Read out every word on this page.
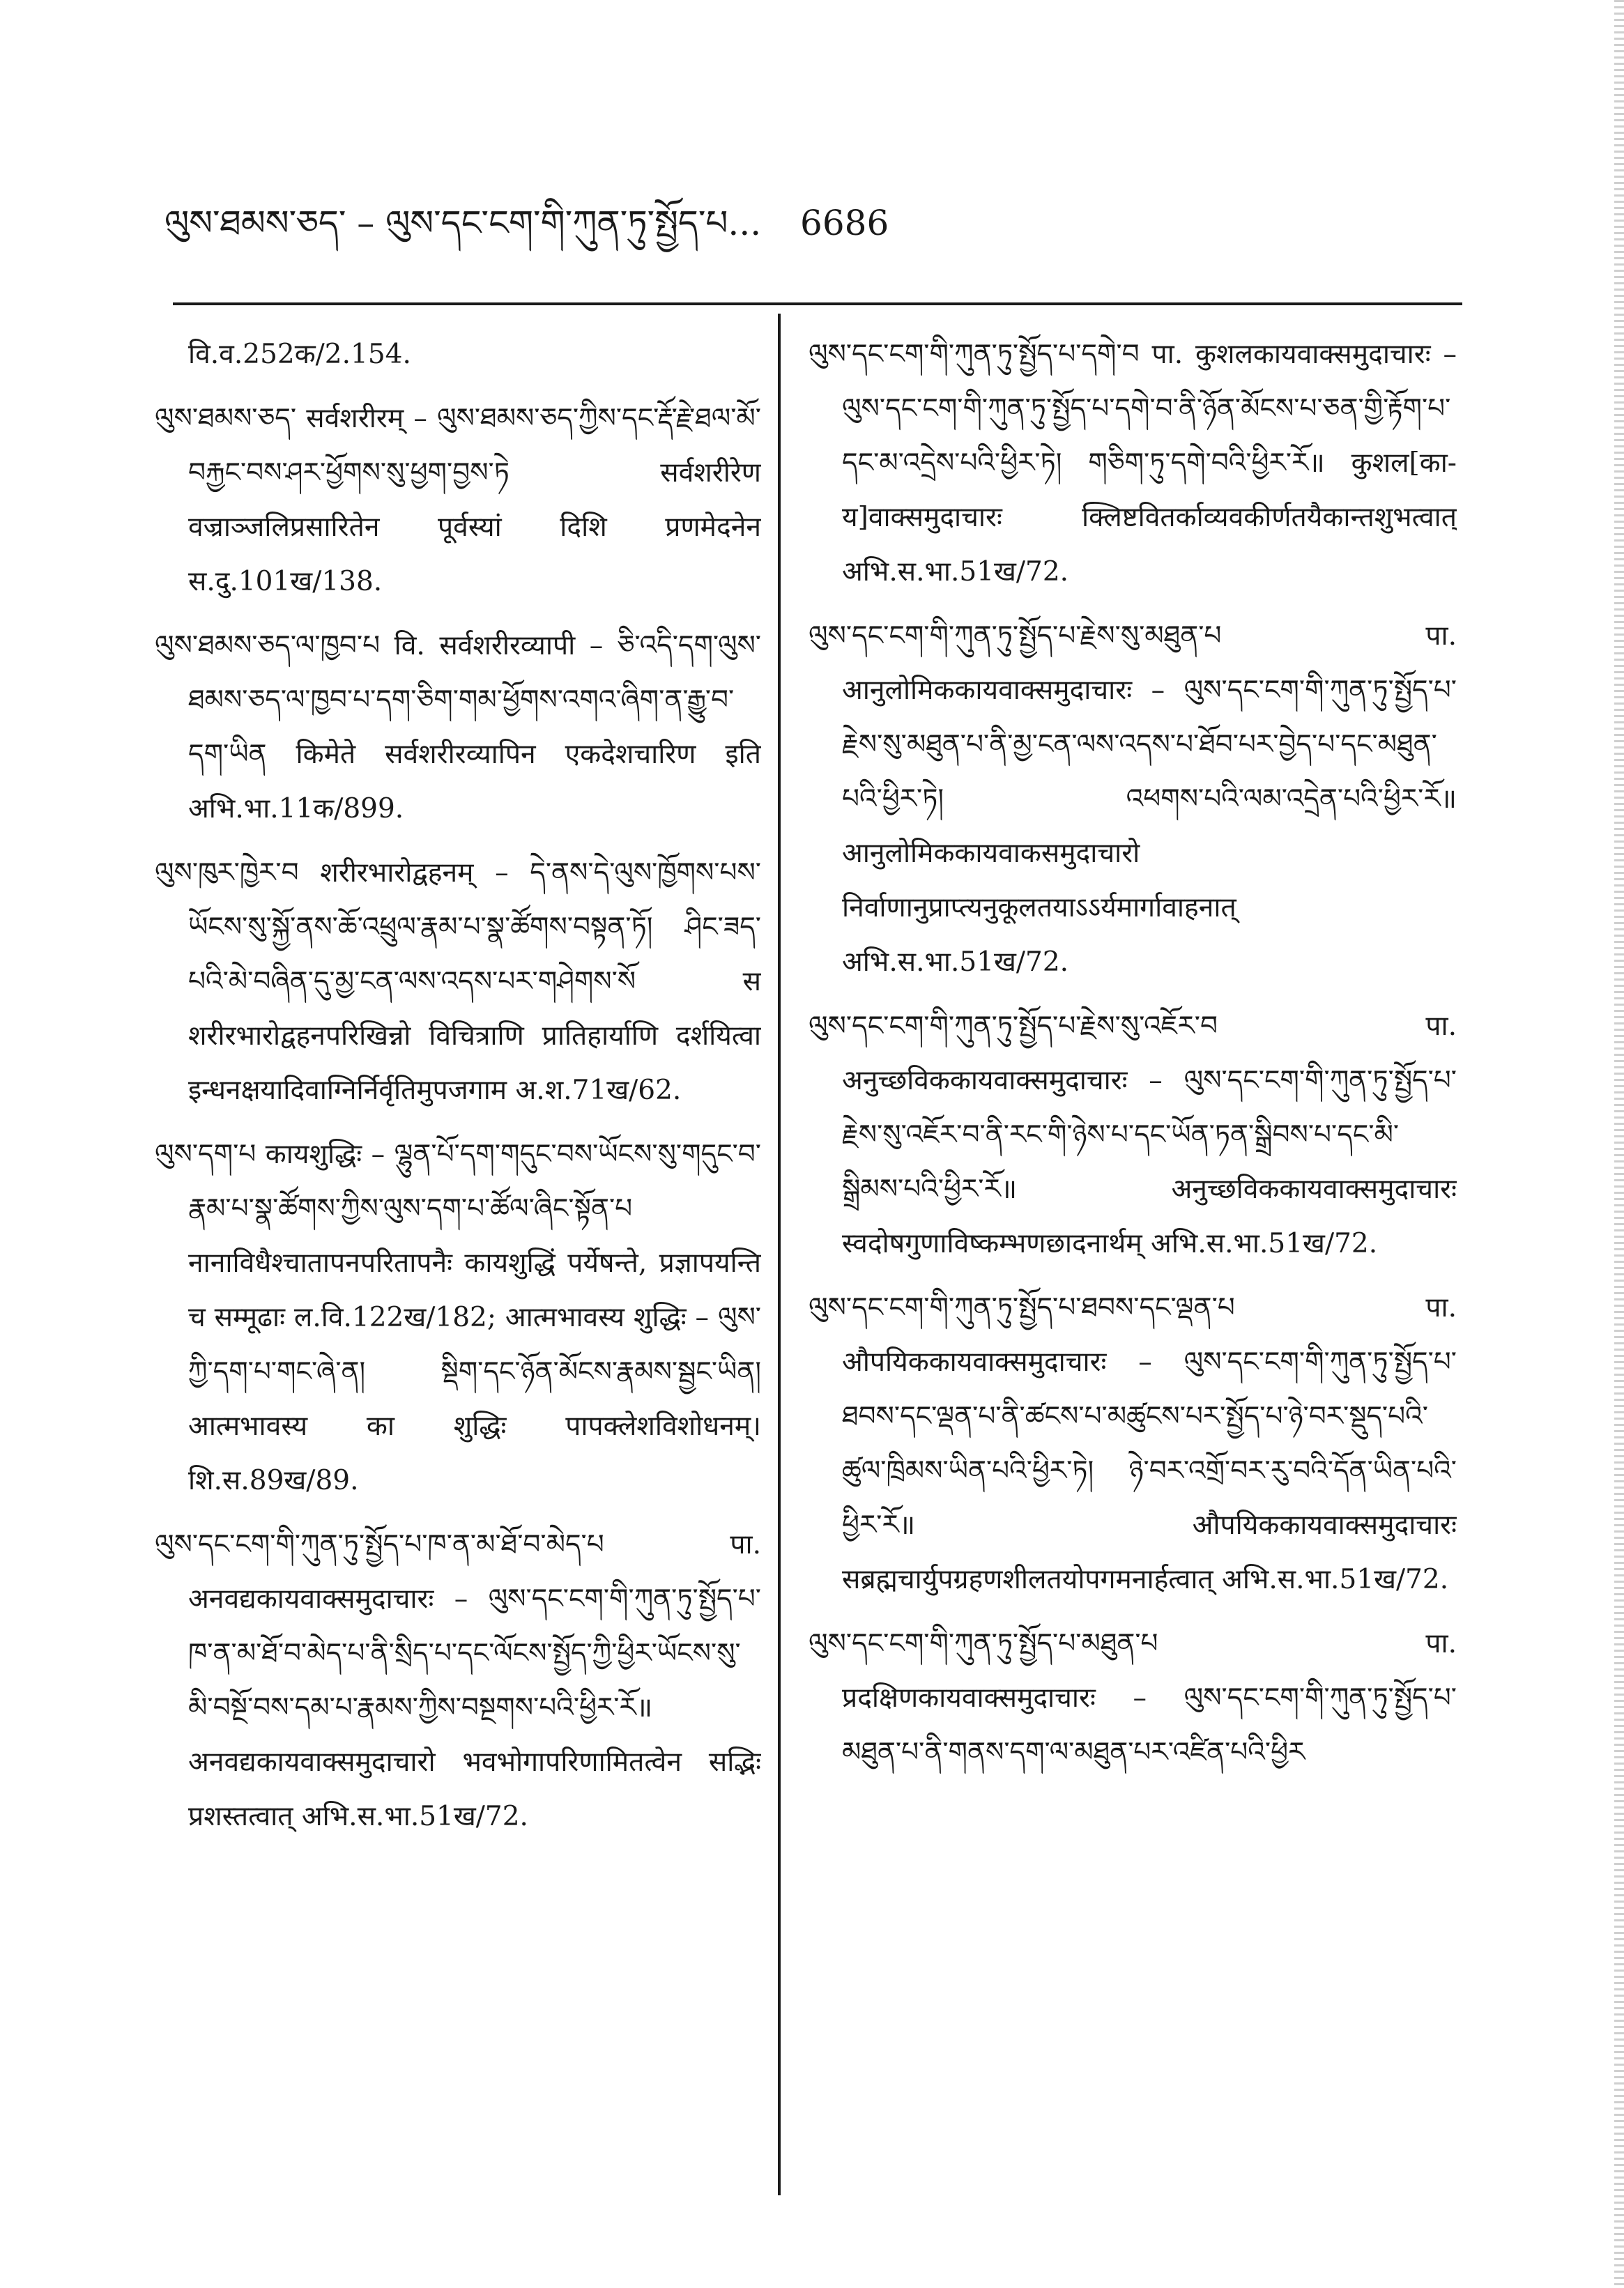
ལུས་ཐམས་ཅད་ – ལུས་དང་ངག་གི་ཀུན་ཏུ་སྤྱོད་པ... 6686

वि.व.252क/2.154.

ལུས་ཐམས་ཅད་ सर्वशरीरम् – ལུས་ཐམས་ཅད་ཀྱིས་དང་རྡོ་རྗེ་ཐལ་མོ་བརྐྱང་བས་ཤར་ཕྱོགས་སུ་ཕྱག་བྱས་ཏེ सर्वशरीरेण वज्राञ्जलिप्रसारितेन पूर्वस्यां दिशि प्रणमेदनेन स.दु.101ख/138.

ལུས་ཐམས་ཅད་ལ་ཁྱབ་པ वि. सर्वशरीरव्यापी – ཅི་འདི་དག་ལུས་ཐམས་ཅད་ལ་ཁྱབ་པ་དག་ཅིག་གམ་ཕྱོགས་འགའ་ཞིག་ན་རྒྱུ་བ་དག་ཡིན किमेते सर्वशरीरव्यापिन एकदेशचारिण इति अभि.भा.11क/899.

ལུས་ཁུར་ཁྱེར་བ शरीरभारोद्वहनम् – དེ་ནས་དེ་ལུས་ཁྱོགས་པས་ཡོངས་སུ་སྐྱོ་ནས་ཆོ་འཕྲུལ་རྣམ་པ་སྣ་ཚོགས་བསྟན་ཏོ། ཤིང་ཟད་པའི་མེ་བཞིན་དུ་མྱ་ངན་ལས་འདས་པར་གཤེགས་སོ स शरीरभारोद्वहनपरिखिन्नो विचित्राणि प्रातिहार्याणि दर्शयित्वा इन्धनक्षयादिवाग्निर्निर्वृतिमुपजगाम अ.श.71ख/62.

ལུས་དག་པ कायशुद्धिः – ལྷུན་པོ་དག་གདུང་བས་ཡོངས་སུ་གདུང་བ་རྣམ་པ་སྣ་ཚོགས་ཀྱིས་ལུས་དག་པ་ཚོལ་ཞིང་སྟོན་པ नानाविधैश्चातापनपरितापनैः कायशुद्धिं पर्येषन्ते, प्रज्ञापयन्ति च सम्मूढाः ल.वि.122ख/182; आत्मभावस्य शुद्धिः – ལུས་ཀྱི་དག་པ་གང་ཞེ་ན། སྡིག་དང་ཉོན་མོངས་རྣམས་སྦྱང་ཡིན། आत्मभावस्य का शुद्धिः पापक्लेशविशोधनम्। शि.स.89ख/89.

ལུས་དང་ངག་གི་ཀུན་ཏུ་སྤྱོད་པ་ཁ་ན་མ་ཐོ་བ་མེད་པ पा. अनवद्यकायवाक्समुदाचारः – ལུས་དང་ངག་གི་ཀུན་ཏུ་སྤྱོད་པ་ཁ་ན་མ་ཐོ་བ་མེད་པ་ནི་སྲིད་པ་དང་ལོངས་སྤྱོད་ཀྱི་ཕྱིར་ཡོངས་སུ་མི་བསྔོ་བས་དམ་པ་རྣམས་ཀྱིས་བསྔགས་པའི་ཕྱིར་རོ॥ अनवद्यकायवाक्समुदाचारो भवभोगापरिणामितत्वेन सद्भिः प्रशस्तत्वात् अभि.स.भा.51ख/72.

ལུས་དང་ངག་གི་ཀུན་ཏུ་སྤྱོད་པ་དགེ་བ पा. कुशलकायवाक्समुदाचारः – ལུས་དང་ངག་གི་ཀུན་ཏུ་སྤྱོད་པ་དགེ་བ་ནི་ཉོན་མོངས་པ་ཅན་གྱི་རྟོག་པ་དང་མ་འདྲེས་པའི་ཕྱིར་ཏེ། གཅིག་ཏུ་དགེ་བའི་ཕྱིར་རོ॥ कुशल[का-य]वाक्समुदाचारः क्लिष्टवितर्काव्यवकीर्णतयैकान्तशुभत्वात् अभि.स.भा.51ख/72.

ལུས་དང་ངག་གི་ཀུན་ཏུ་སྤྱོད་པ་རྗེས་སུ་མཐུན་པ पा. आनुलोमिककायवाक्समुदाचारः – ལུས་དང་ངག་གི་ཀུན་ཏུ་སྤྱོད་པ་རྗེས་སུ་མཐུན་པ་ནི་མྱ་ངན་ལས་འདས་པ་ཐོབ་པར་བྱེད་པ་དང་མཐུན་པའི་ཕྱིར་ཏེ། འཕགས་པའི་ལམ་འདྲེན་པའི་ཕྱིར་རོ॥ आनुलोमिककायवाकसमुदाचारो निर्वाणानुप्राप्त्यनुकूलतयाऽऽर्यमार्गावाहनात् अभि.स.भा.51ख/72.

ལུས་དང་ངག་གི་ཀུན་ཏུ་སྤྱོད་པ་རྗེས་སུ་འཇོར་བ पा. अनुच्छविककायवाक्समुदाचारः – ལུས་དང་ངག་གི་ཀུན་ཏུ་སྤྱོད་པ་རྗེས་སུ་འཇོར་བ་ནི་རང་གི་ཉེས་པ་དང་ཡོན་ཏན་སྒྲིབས་པ་དང་མི་སྒྲིམས་པའི་ཕྱིར་རོ॥ अनुच्छविककायवाक्समुदाचारः स्वदोषगुणाविष्कम्भणछादनार्थम् अभि.स.भा.51ख/72.

ལུས་དང་ངག་གི་ཀུན་ཏུ་སྤྱོད་པ་ཐབས་དང་ལྡན་པ पा. औपयिककायवाक्समुदाचारः – ལུས་དང་ངག་གི་ཀུན་ཏུ་སྤྱོད་པ་ཐབས་དང་ལྡན་པ་ནི་ཚངས་པ་མཚུངས་པར་སྤྱོད་པ་ཉེ་བར་སྡུད་པའི་ཚུལ་ཁྲིམས་ཡིན་པའི་ཕྱིར་ཏེ། ཉེ་བར་འགྲོ་བར་རུ་བའི་དོན་ཡིན་པའི་ཕྱིར་རོ॥ औपयिककायवाक्समुदाचारः सब्रह्मचार्युपग्रहणशीलतयोपगमनार्हत्वात् अभि.स.भा.51ख/72.

ལུས་དང་ངག་གི་ཀུན་ཏུ་སྤྱོད་པ་མཐུན་པ पा. प्रदक्षिणकायवाक्समुदाचारः – ལུས་དང་ངག་གི་ཀུན་ཏུ་སྤྱོད་པ་མཐུན་པ་ནི་གནས་དག་ལ་མཐུན་པར་འཛིན་པའི་ཕྱིར
